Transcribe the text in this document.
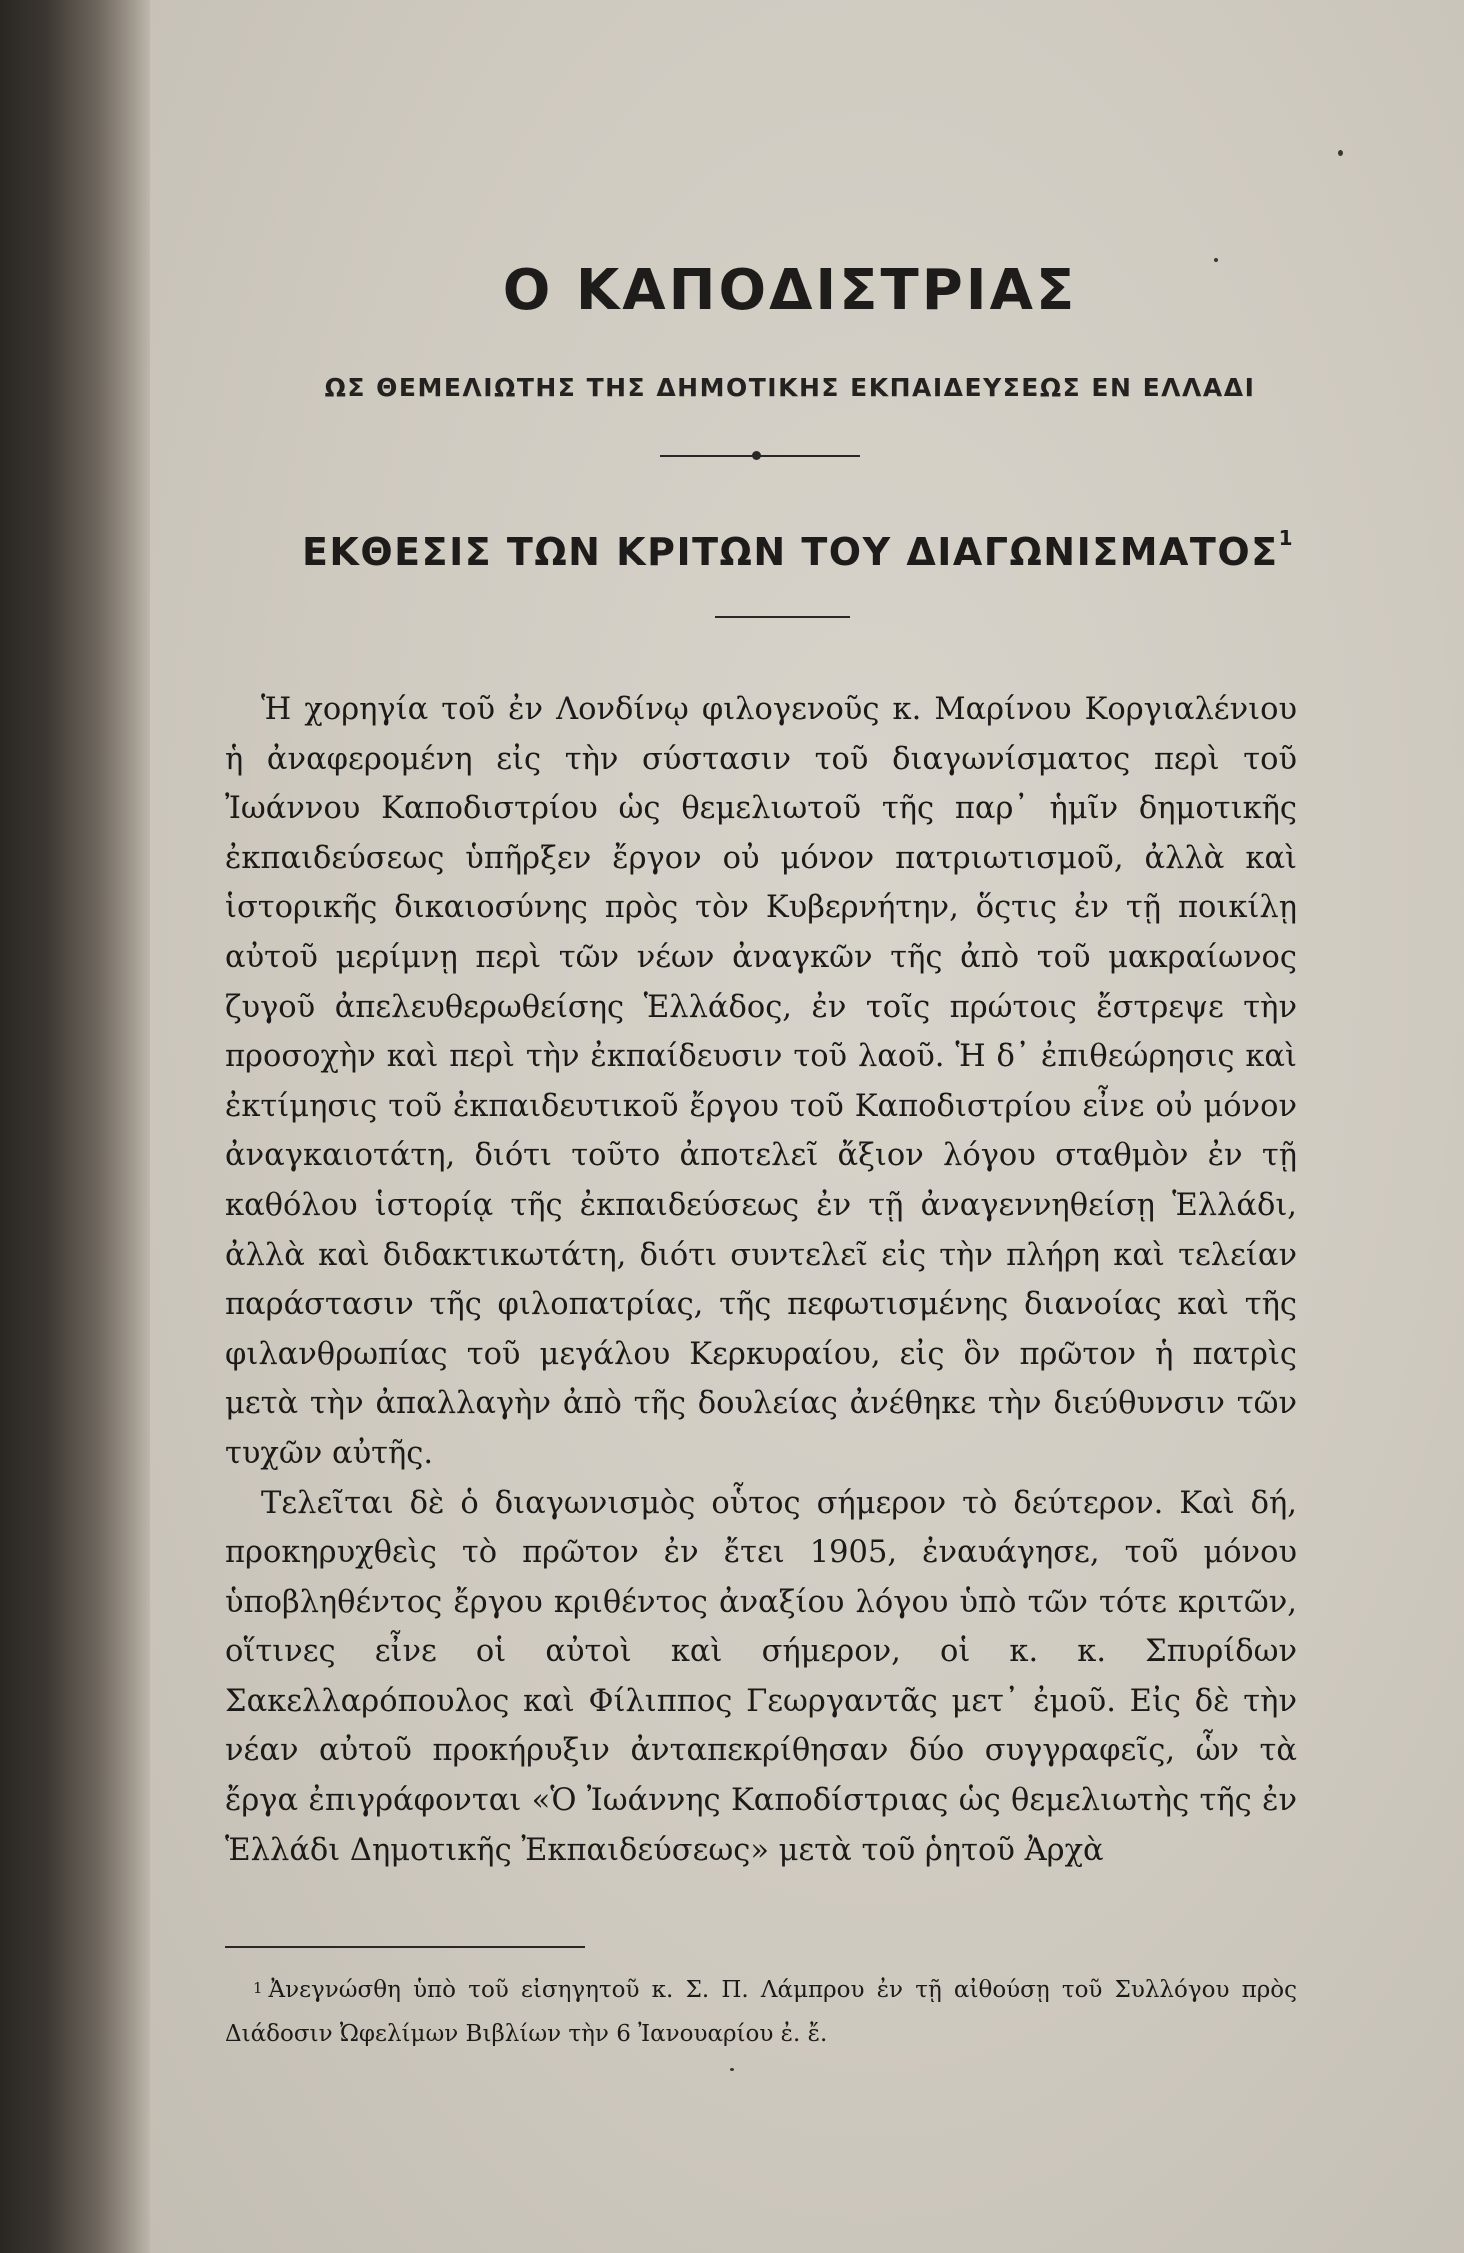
Ο ΚΑΠΟΔΙΣΤΡΙΑΣ
ΩΣ ΘΕΜΕΛΙΩΤΗΣ ΤΗΣ ΔΗΜΟΤΙΚΗΣ ΕΚΠΑΙΔΕΥΣΕΩΣ ΕΝ ΕΛΛΑΔΙ
ΕΚΘΕΣΙΣ ΤΩΝ ΚΡΙΤΩΝ ΤΟΥ ΔΙΑΓΩΝΙΣΜΑΤΟΣ$^1$

Ἡ χορηγία τοῦ ἐν Λονδίνῳ φιλογενοῦς κ. Μαρίνου Κοργιαλένιου ἡ ἀναφερομένη εἰς τὴν σύστασιν τοῦ διαγωνίσματος περὶ τοῦ Ἰωάννου Καποδιστρίου ὡς θεμελιωτοῦ τῆς παρ᾽ ἡμῖν δημοτικῆς ἐκπαιδεύσεως ὑπῆρξεν ἔργον οὐ μόνον πατριωτισμοῦ, ἀλλὰ καὶ ἱστορικῆς δικαιοσύνης πρὸς τὸν Κυβερνήτην, ὅςτις ἐν τῇ ποικίλῃ αὐτοῦ μερίμνῃ περὶ τῶν νέων ἀναγκῶν τῆς ἀπὸ τοῦ μακραίωνος ζυγοῦ ἀπελευθερωθείσης Ἑλλάδος, ἐν τοῖς πρώτοις ἔστρεψε τὴν προσοχὴν καὶ περὶ τὴν ἐκπαίδευσιν τοῦ λαοῦ. Ἡ δ᾽ ἐπιθεώρησις καὶ ἐκτίμησις τοῦ ἐκπαιδευτικοῦ ἔργου τοῦ Καποδιστρίου εἶνε οὐ μόνον ἀναγκαιοτάτη, διότι τοῦτο ἀποτελεῖ ἄξιον λόγου σταθμὸν ἐν τῇ καθόλου ἱστορίᾳ τῆς ἐκπαιδεύσεως ἐν τῇ ἀναγεννηθείσῃ Ἑλλάδι, ἀλλὰ καὶ διδακτικωτάτη, διότι συντελεῖ εἰς τὴν πλήρη καὶ τελείαν παράστασιν τῆς φιλοπατρίας, τῆς πεφωτισμένης διανοίας καὶ τῆς φιλανθρωπίας τοῦ μεγάλου Κερκυραίου, εἰς ὃν πρῶτον ἡ πατρὶς μετὰ τὴν ἀπαλλαγὴν ἀπὸ τῆς δουλείας ἀνέθηκε τὴν διεύθυνσιν τῶν τυχῶν αὐτῆς.

Τελεῖται δὲ ὁ διαγωνισμὸς οὗτος σήμερον τὸ δεύτερον. Καὶ δή, προκηρυχθεὶς τὸ πρῶτον ἐν ἔτει 1905, ἐναυάγησε, τοῦ μόνου ὑποβληθέντος ἔργου κριθέντος ἀναξίου λόγου ὑπὸ τῶν τότε κριτῶν, οἵτινες εἶνε οἱ αὐτοὶ καὶ σήμερον, οἱ κ. κ. Σπυρίδων Σακελλαρόπουλος καὶ Φίλιππος Γεωργαντᾶς μετ᾽ ἐμοῦ. Εἰς δὲ τὴν νέαν αὐτοῦ προκήρυξιν ἀνταπεκρίθησαν δύο συγγραφεῖς, ὧν τὰ ἔργα ἐπιγράφονται «Ὁ Ἰωάννης Καποδίστριας ὡς θεμελιωτὴς τῆς ἐν Ἑλλάδι Δημοτικῆς Ἐκπαιδεύσεως» μετὰ τοῦ ῥητοῦ Ἀρχὰ

$^1$ Ἀνεγνώσθη ὑπὸ τοῦ εἰσηγητοῦ κ. Σ. Π. Λάμπρου ἐν τῇ αἰθούσῃ τοῦ Συλλόγου πρὸς Διάδοσιν Ὠφελίμων Βιβλίων τὴν 6 Ἰανουαρίου ἐ. ἔ.
